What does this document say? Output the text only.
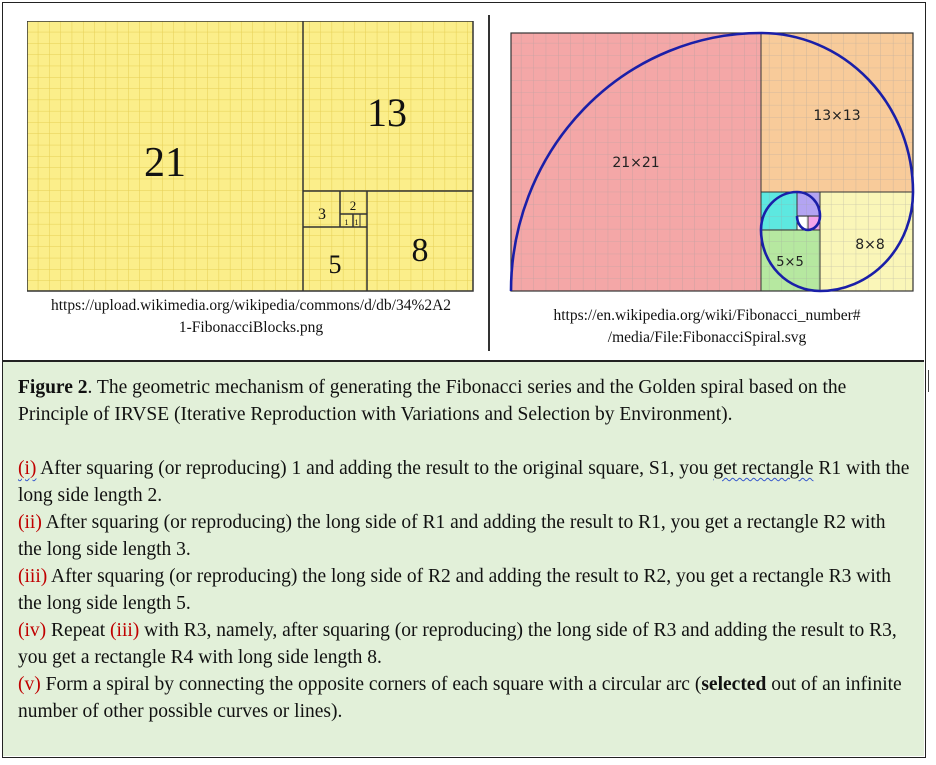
21
13
8
5
3
2
1 1
https://upload.wikimedia.org/wikipedia/commons/d/db/34%2A2
1-FibonacciBlocks.png
21×21
13×13
8×8
5×5
https://en.wikipedia.org/wiki/Fibonacci_number#
/media/File:FibonacciSpiral.svg

Figure 2. The geometric mechanism of generating the Fibonacci series and the Golden spiral based on the Principle of IRVSE (Iterative Reproduction with Variations and Selection by Environment).

(i) After squaring (or reproducing) 1 and adding the result to the original square, S1, you get rectangle R1 with the long side length 2.

(ii) After squaring (or reproducing) the long side of R1 and adding the result to R1, you get a rectangle R2 with the long side length 3.

(iii) After squaring (or reproducing) the long side of R2 and adding the result to R2, you get a rectangle R3 with the long side length 5.

(iv) Repeat (iii) with R3, namely, after squaring (or reproducing) the long side of R3 and adding the result to R3, you get a rectangle R4 with long side length 8.

(v) Form a spiral by connecting the opposite corners of each square with a circular arc (selected out of an infinite number of other possible curves or lines).
